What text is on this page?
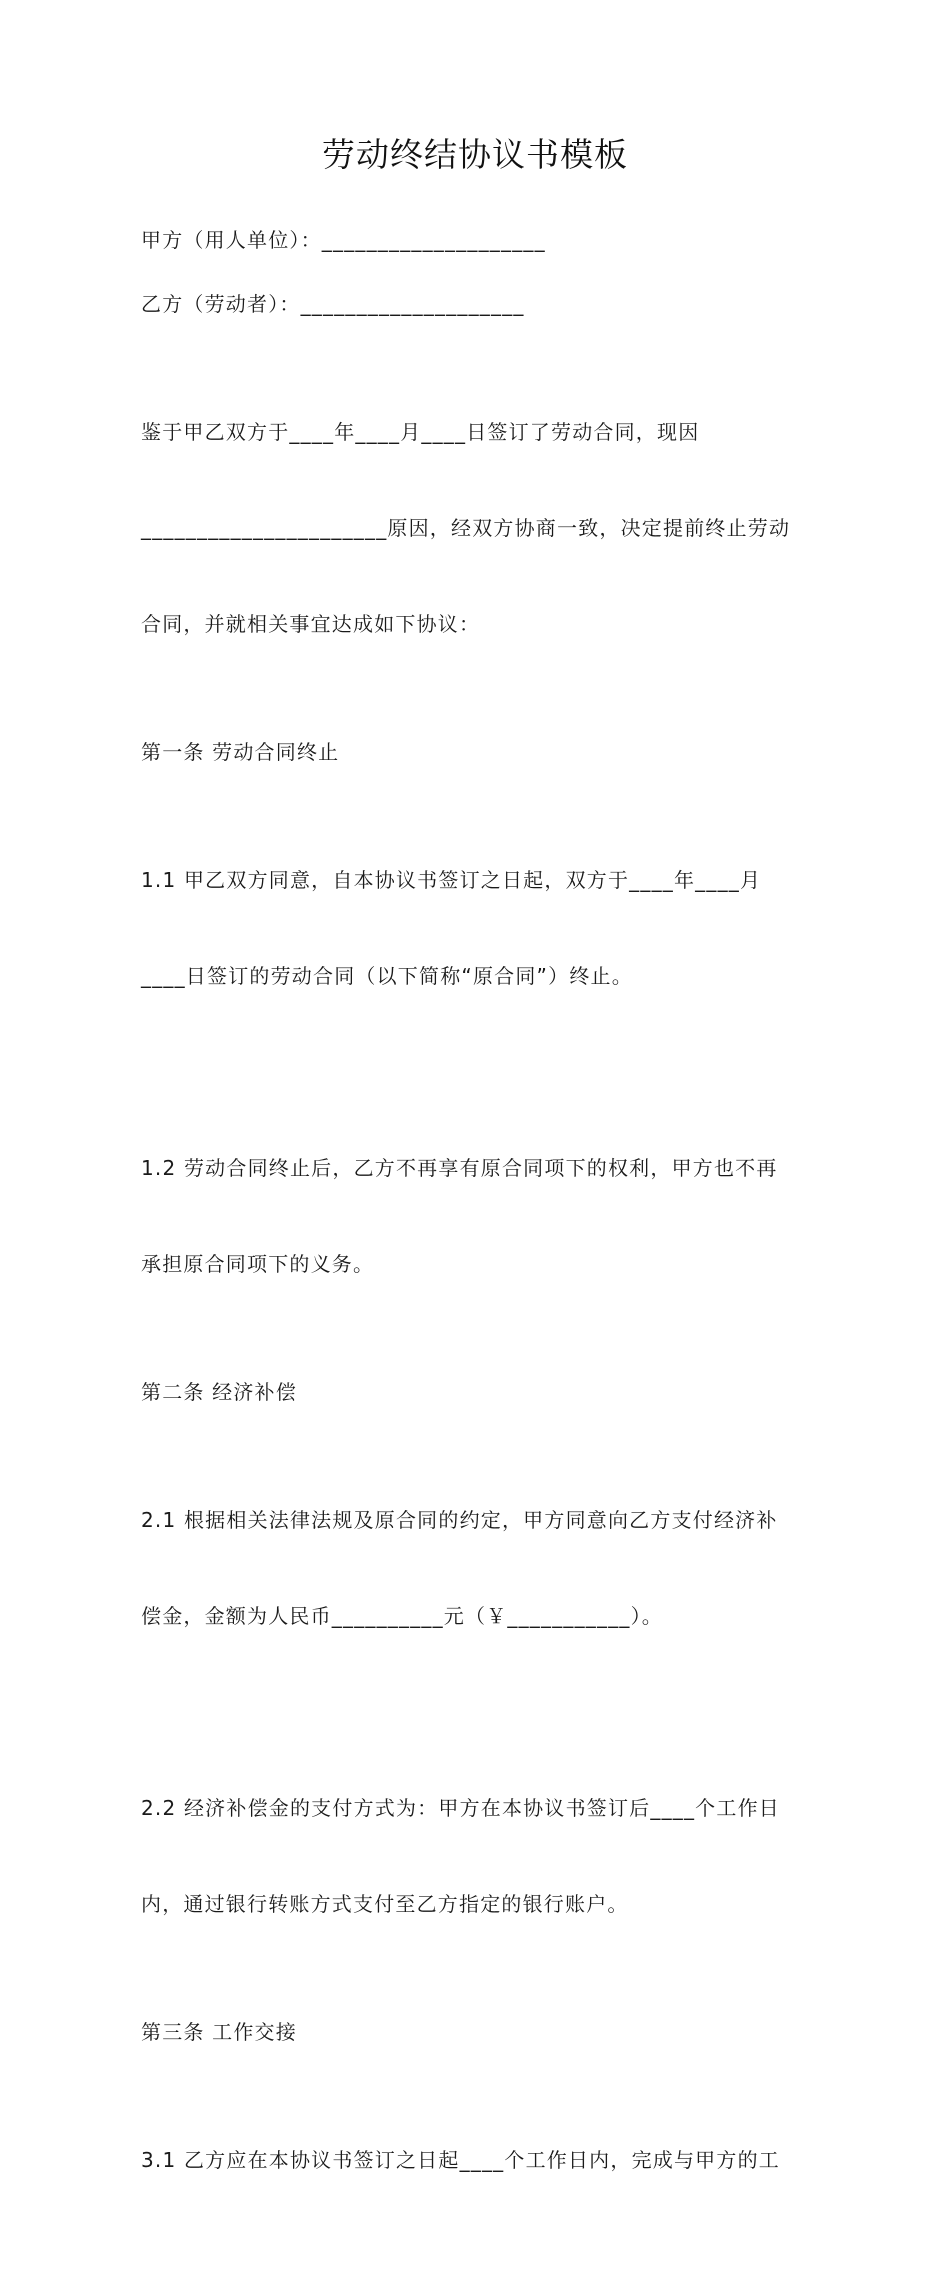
劳动终结协议书模板

甲方（用人单位）：____________________

乙方（劳动者）：____________________

鉴于甲乙双方于____年____月____日签订了劳动合同，现因

______________________原因，经双方协商一致，决定提前终止劳动

合同，并就相关事宜达成如下协议：

第一条 劳动合同终止

1.1 甲乙双方同意，自本协议书签订之日起，双方于____年____月

____日签订的劳动合同（以下简称“原合同”）终止。

1.2 劳动合同终止后，乙方不再享有原合同项下的权利，甲方也不再

承担原合同项下的义务。

第二条 经济补偿

2.1 根据相关法律法规及原合同的约定，甲方同意向乙方支付经济补

偿金，金额为人民币__________元（￥___________）。

2.2 经济补偿金的支付方式为：甲方在本协议书签订后____个工作日

内，通过银行转账方式支付至乙方指定的银行账户。

第三条 工作交接

3.1 乙方应在本协议书签订之日起____个工作日内，完成与甲方的工
